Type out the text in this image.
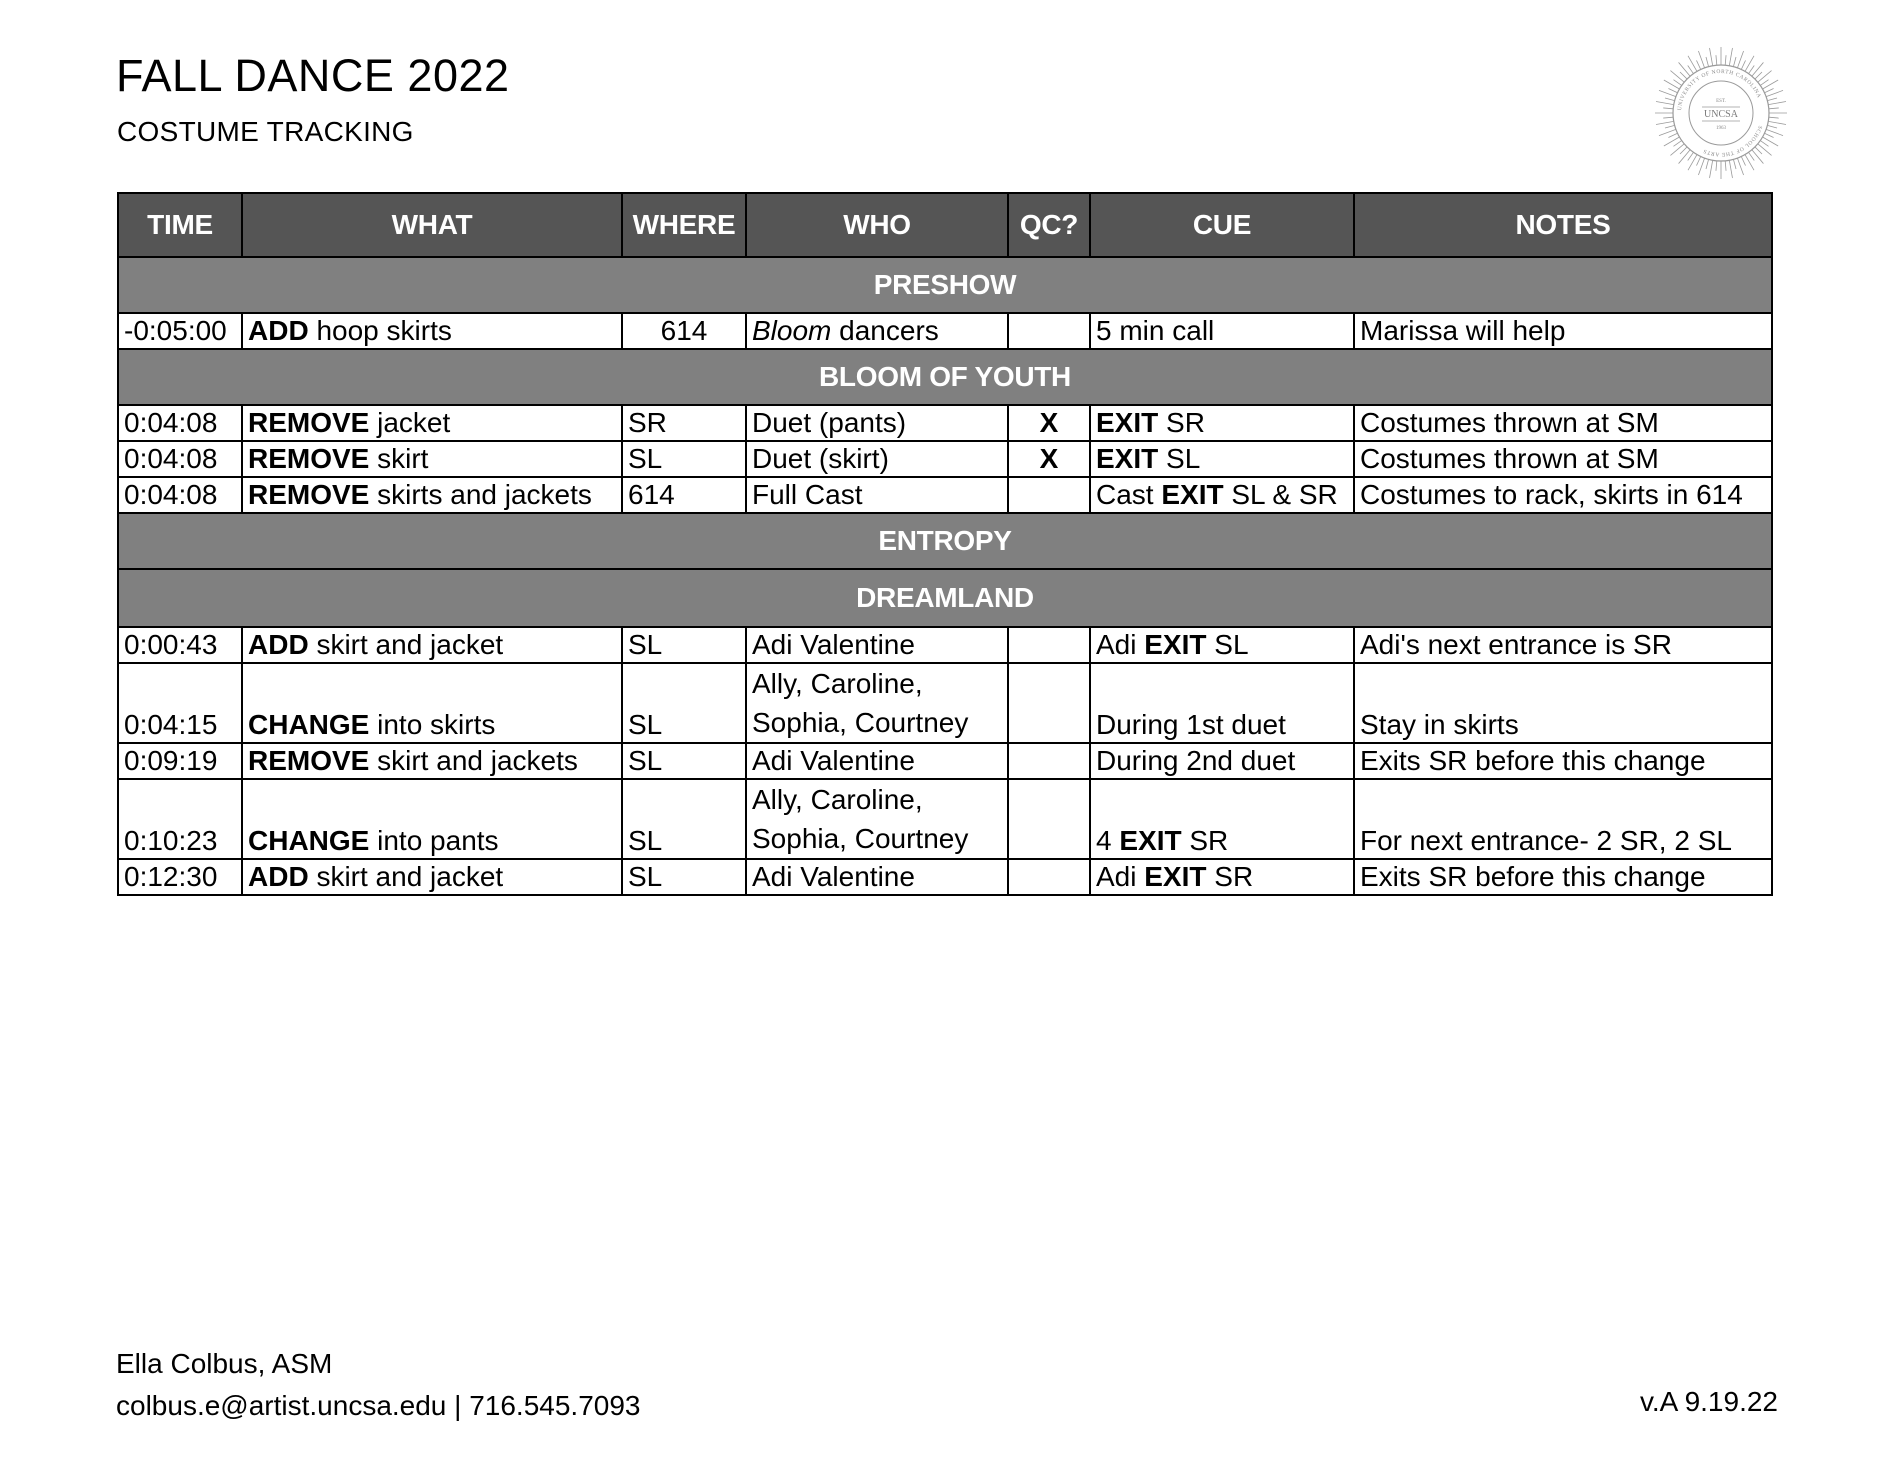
FALL DANCE 2022
COSTUME TRACKING
UNIVERSITY OF NORTH CAROLINA
SCHOOL OF THE ARTS
EST.
UNCSA
1963
TIME	WHAT	WHERE	WHO	QC?	CUE	NOTES
PRESHOW						
-0:05:00	ADD hoop skirts	614	Bloom dancers		5 min call	Marissa will help
BLOOM OF YOUTH						
0:04:08	REMOVE jacket	SR	Duet (pants)	X	EXIT SR	Costumes thrown at SM
0:04:08	REMOVE skirt	SL	Duet (skirt)	X	EXIT SL	Costumes thrown at SM
0:04:08	REMOVE skirts and jackets	614	Full Cast		Cast EXIT SL & SR	Costumes to rack, skirts in 614
ENTROPY						
DREAMLAND						
0:00:43	ADD skirt and jacket	SL	Adi Valentine		Adi EXIT SL	Adi's next entrance is SR
0:04:15	CHANGE into skirts	SL	Ally, Caroline, Sophia, Courtney		During 1st duet	Stay in skirts
0:09:19	REMOVE skirt and jackets	SL	Adi Valentine		During 2nd duet	Exits SR before this change
0:10:23	CHANGE into pants	SL	Ally, Caroline, Sophia, Courtney		4 EXIT SR	For next entrance- 2 SR, 2 SL
0:12:30	ADD skirt and jacket	SL	Adi Valentine		Adi EXIT SR	Exits SR before this change
Ella Colbus, ASM
colbus.e@artist.uncsa.edu | 716.545.7093	v.A 9.19.22
